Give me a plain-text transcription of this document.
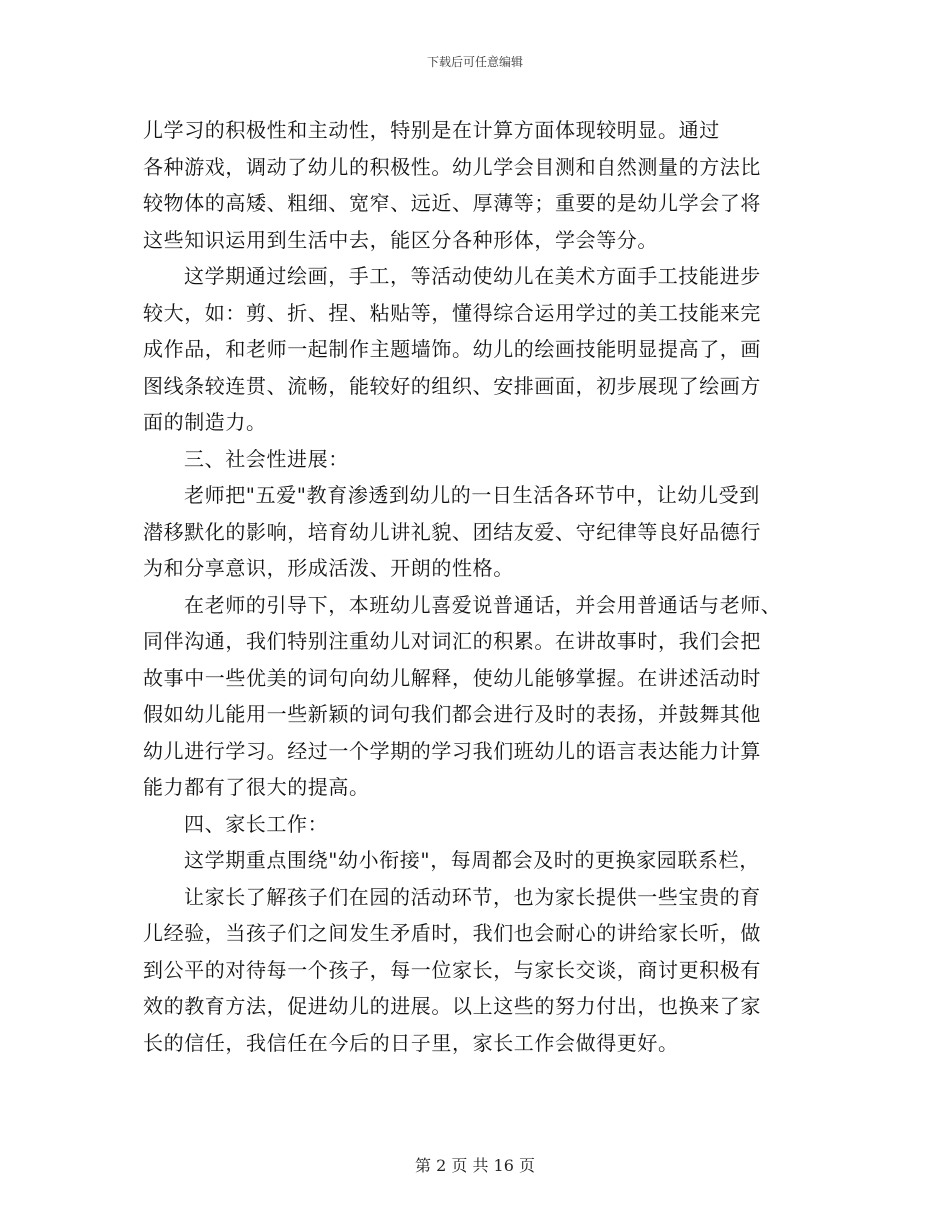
下载后可任意编辑
儿学习的积极性和主动性，特别是在计算方面体现较明显。通过
各种游戏，调动了幼儿的积极性。幼儿学会目测和自然测量的方法比
较物体的高矮、粗细、宽窄、远近、厚薄等；重要的是幼儿学会了将
这些知识运用到生活中去，能区分各种形体，学会等分。
这学期通过绘画，手工，等活动使幼儿在美术方面手工技能进步
较大，如：剪、折、捏、粘贴等，懂得综合运用学过的美工技能来完
成作品，和老师一起制作主题墙饰。幼儿的绘画技能明显提高了，画
图线条较连贯、流畅，能较好的组织、安排画面，初步展现了绘画方
面的制造力。
三、社会性进展：
老师把"五爱"教育渗透到幼儿的一日生活各环节中，让幼儿受到
潜移默化的影响，培育幼儿讲礼貌、团结友爱、守纪律等良好品德行
为和分享意识，形成活泼、开朗的性格。
在老师的引导下，本班幼儿喜爱说普通话，并会用普通话与老师、
同伴沟通，我们特别注重幼儿对词汇的积累。在讲故事时，我们会把
故事中一些优美的词句向幼儿解释，使幼儿能够掌握。在讲述活动时
假如幼儿能用一些新颖的词句我们都会进行及时的表扬，并鼓舞其他
幼儿进行学习。经过一个学期的学习我们班幼儿的语言表达能力计算
能力都有了很大的提高。
四、家长工作：
这学期重点围绕"幼小衔接"，每周都会及时的更换家园联系栏，
让家长了解孩子们在园的活动环节，也为家长提供一些宝贵的育
儿经验，当孩子们之间发生矛盾时，我们也会耐心的讲给家长听，做
到公平的对待每一个孩子，每一位家长，与家长交谈，商讨更积极有
效的教育方法，促进幼儿的进展。以上这些的努力付出，也换来了家
长的信任，我信任在今后的日子里，家长工作会做得更好。
第 2 页 共 16 页
